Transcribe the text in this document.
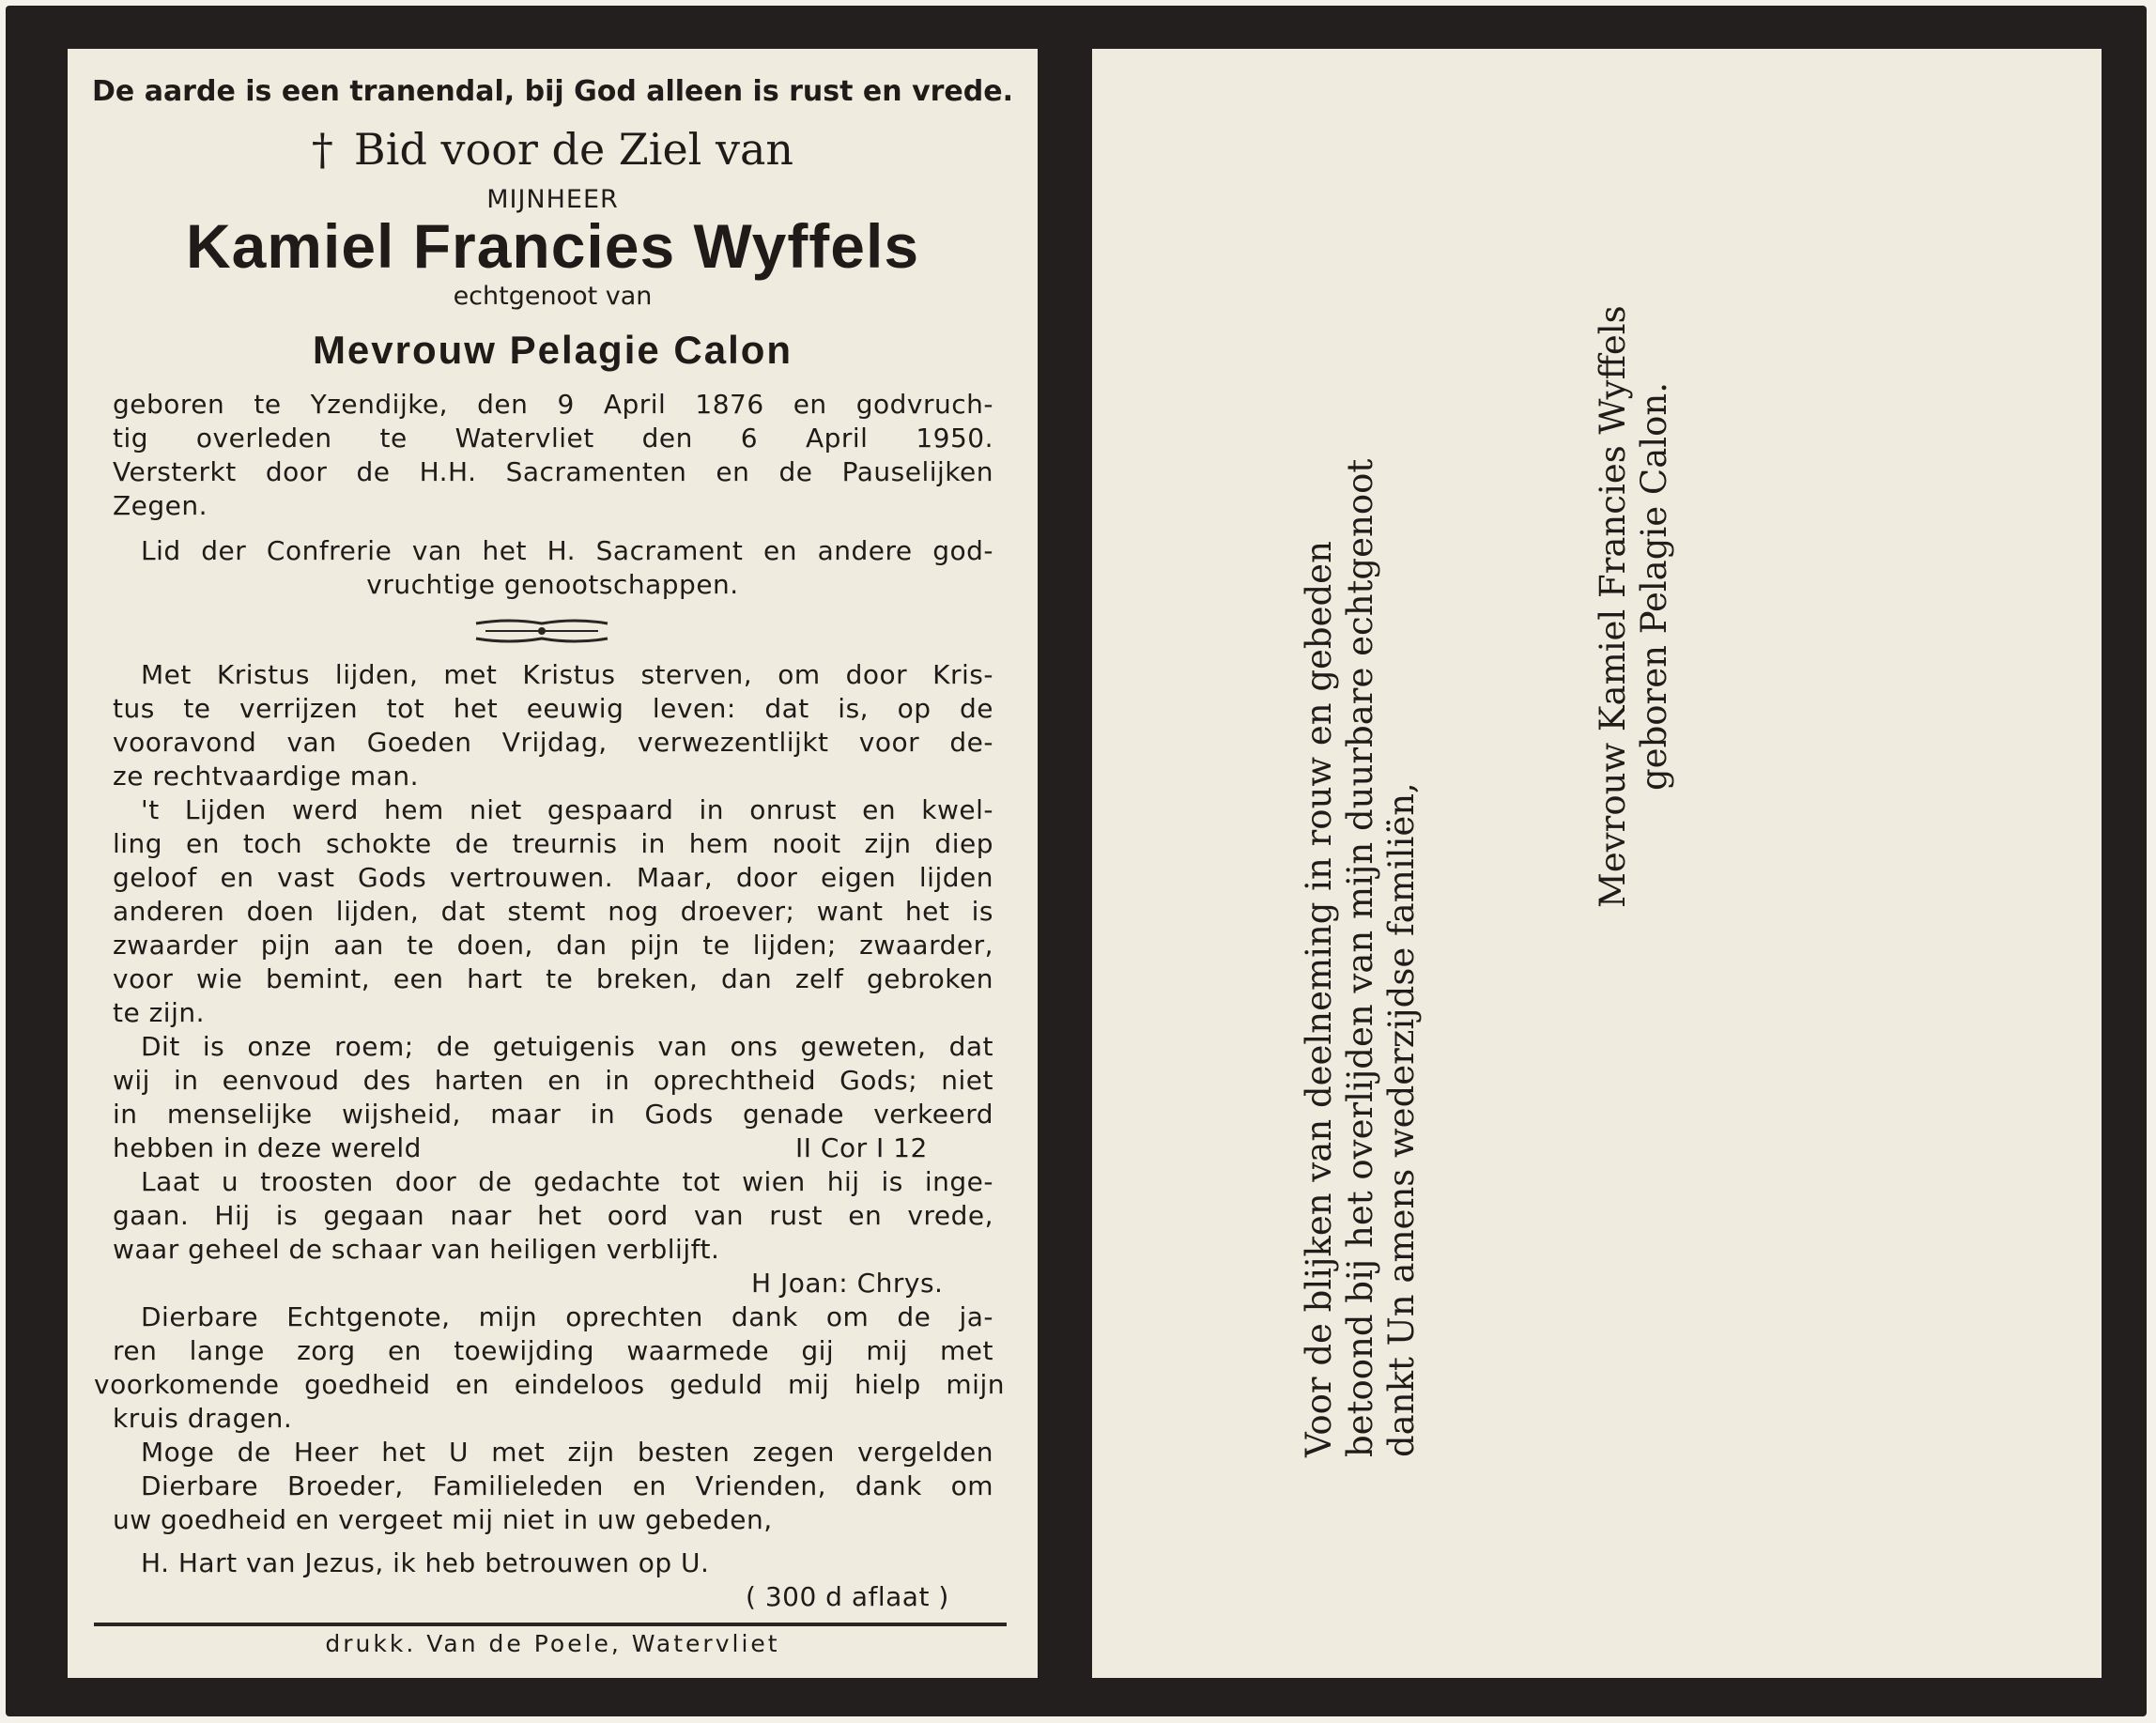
De aarde is een tranendal, bij God alleen is rust en vrede.
† Bid voor de Ziel van
MIJNHEER
Kamiel Francies Wyffels
echtgenoot van
Mevrouw Pelagie Calon
geboren te Yzendijke, den 9 April 1876 en godvruch-
tig overleden te Watervliet den 6 April 1950.
Versterkt door de H.H. Sacramenten en de Pauselijken
Zegen.
Lid der Confrerie van het H. Sacrament en andere god-
vruchtige genootschappen.
Met Kristus lijden, met Kristus sterven, om door Kris-
tus te verrijzen tot het eeuwig leven: dat is, op de
vooravond van Goeden Vrijdag, verwezentlijkt voor de-
ze rechtvaardige man.
't Lijden werd hem niet gespaard in onrust en kwel-
ling en toch schokte de treurnis in hem nooit zijn diep
geloof en vast Gods vertrouwen. Maar, door eigen lijden
anderen doen lijden, dat stemt nog droever; want het is
zwaarder pijn aan te doen, dan pijn te lijden; zwaarder,
voor wie bemint, een hart te breken, dan zelf gebroken
te zijn.
Dit is onze roem; de getuigenis van ons geweten, dat
wij in eenvoud des harten en in oprechtheid Gods; niet
in menselijke wijsheid, maar in Gods genade verkeerd
hebben in deze wereld	II Cor I 12
Laat u troosten door de gedachte tot wien hij is inge-
gaan. Hij is gegaan naar het oord van rust en vrede,
waar geheel de schaar van heiligen verblijft.
H Joan: Chrys.
Dierbare Echtgenote, mijn oprechten dank om de ja-
ren lange zorg en toewijding waarmede gij mij met
voorkomende goedheid en eindeloos geduld mij hielp mijn
kruis dragen.
Moge de Heer het U met zijn besten zegen vergelden
Dierbare Broeder, Familieleden en Vrienden, dank om
uw goedheid en vergeet mij niet in uw gebeden,
H. Hart van Jezus, ik heb betrouwen op U.
( 300 d aflaat )
drukk. Van de Poele, Watervliet
Voor de blijken van deelneming in rouw en gebeden betoond bij het overlijden van mijn duurbare echtgenoot dankt Un amens wederzijdse familiën,
Mevrouw Kamiel Francies Wyffels geboren Pelagie Calon.
